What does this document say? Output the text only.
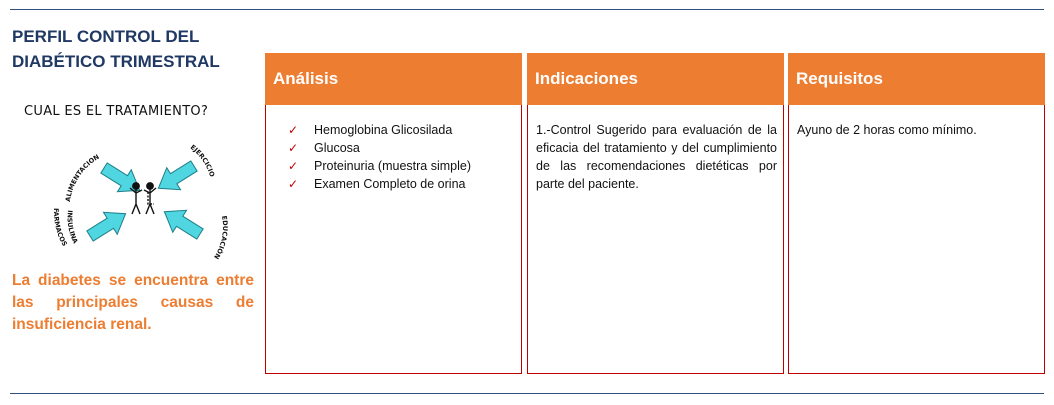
PERFIL CONTROL DEL
DIABÉTICO TRIMESTRAL
CUAL ES EL TRATAMIENTO?
ALIMENTACION
EJERCICIO
FARMACOS
INSULINA
EDUCACIÓN
La diabetes se encuentra entre las principales causas de insuficiencia renal.
Análisis
✓ Hemoglobina Glicosilada
✓ Glucosa
✓ Proteinuria (muestra simple)
✓ Examen Completo de orina
Indicaciones
1.-Control Sugerido para evaluación de la eficacia del tratamiento y del cumplimiento de las recomendaciones dietéticas por parte del paciente.
Requisitos
Ayuno de 2 horas como mínimo.
